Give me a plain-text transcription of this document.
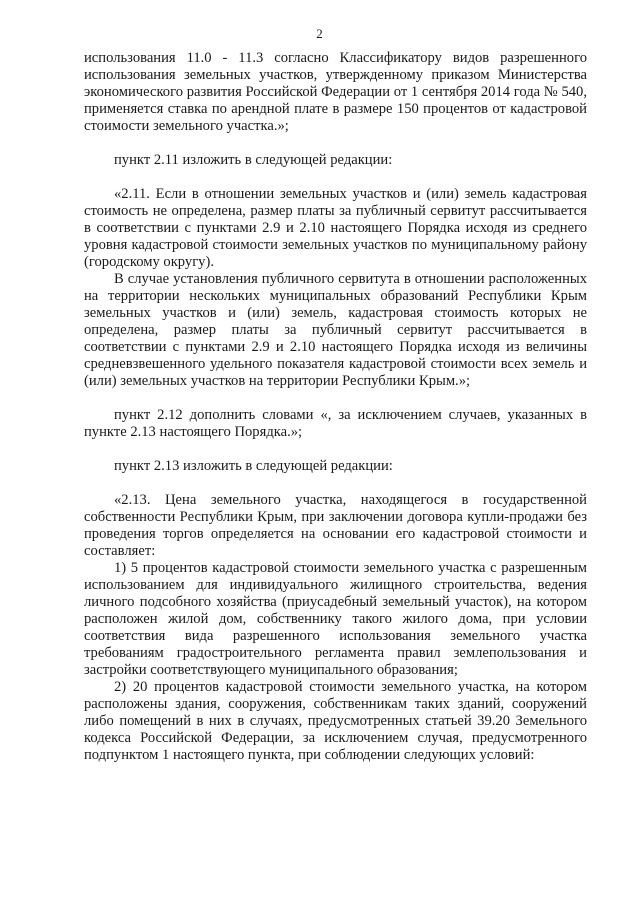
2

использования 11.0 - 11.3 согласно Классификатору видов разрешенного использования земельных участков, утвержденному приказом Министерства экономического развития Российской Федерации от 1 сентября 2014 года № 540, применяется ставка по арендной плате в размере 150 процентов от кадастровой стоимости земельного участка.»;

пункт 2.11 изложить в следующей редакции:

«2.11. Если в отношении земельных участков и (или) земель кадастровая стоимость не определена, размер платы за публичный сервитут рассчитывается в соответствии с пунктами 2.9 и 2.10 настоящего Порядка исходя из среднего уровня кадастровой стоимости земельных участков по муниципальному району (городскому округу).

В случае установления публичного сервитута в отношении расположенных на территории нескольких муниципальных образований Республики Крым земельных участков и (или) земель, кадастровая стоимость которых не определена, размер платы за публичный сервитут рассчитывается в соответствии с пунктами 2.9 и 2.10 настоящего Порядка исходя из величины средневзвешенного удельного показателя кадастровой стоимости всех земель и (или) земельных участков на территории Республики Крым.»;

пункт 2.12 дополнить словами «, за исключением случаев, указанных в пункте 2.13 настоящего Порядка.»;

пункт 2.13 изложить в следующей редакции:

«2.13. Цена земельного участка, находящегося в государственной собственности Республики Крым, при заключении договора купли-продажи без проведения торгов определяется на основании его кадастровой стоимости и составляет:

1) 5 процентов кадастровой стоимости земельного участка с разрешенным использованием для индивидуального жилищного строительства, ведения личного подсобного хозяйства (приусадебный земельный участок), на котором расположен жилой дом, собственнику такого жилого дома, при условии соответствия вида разрешенного использования земельного участка требованиям градостроительного регламента правил землепользования и застройки соответствующего муниципального образования;

2) 20 процентов кадастровой стоимости земельного участка, на котором расположены здания, сооружения, собственникам таких зданий, сооружений либо помещений в них в случаях, предусмотренных статьей 39.20 Земельного кодекса Российской Федерации, за исключением случая, предусмотренного подпунктом 1 настоящего пункта, при соблюдении следующих условий:
